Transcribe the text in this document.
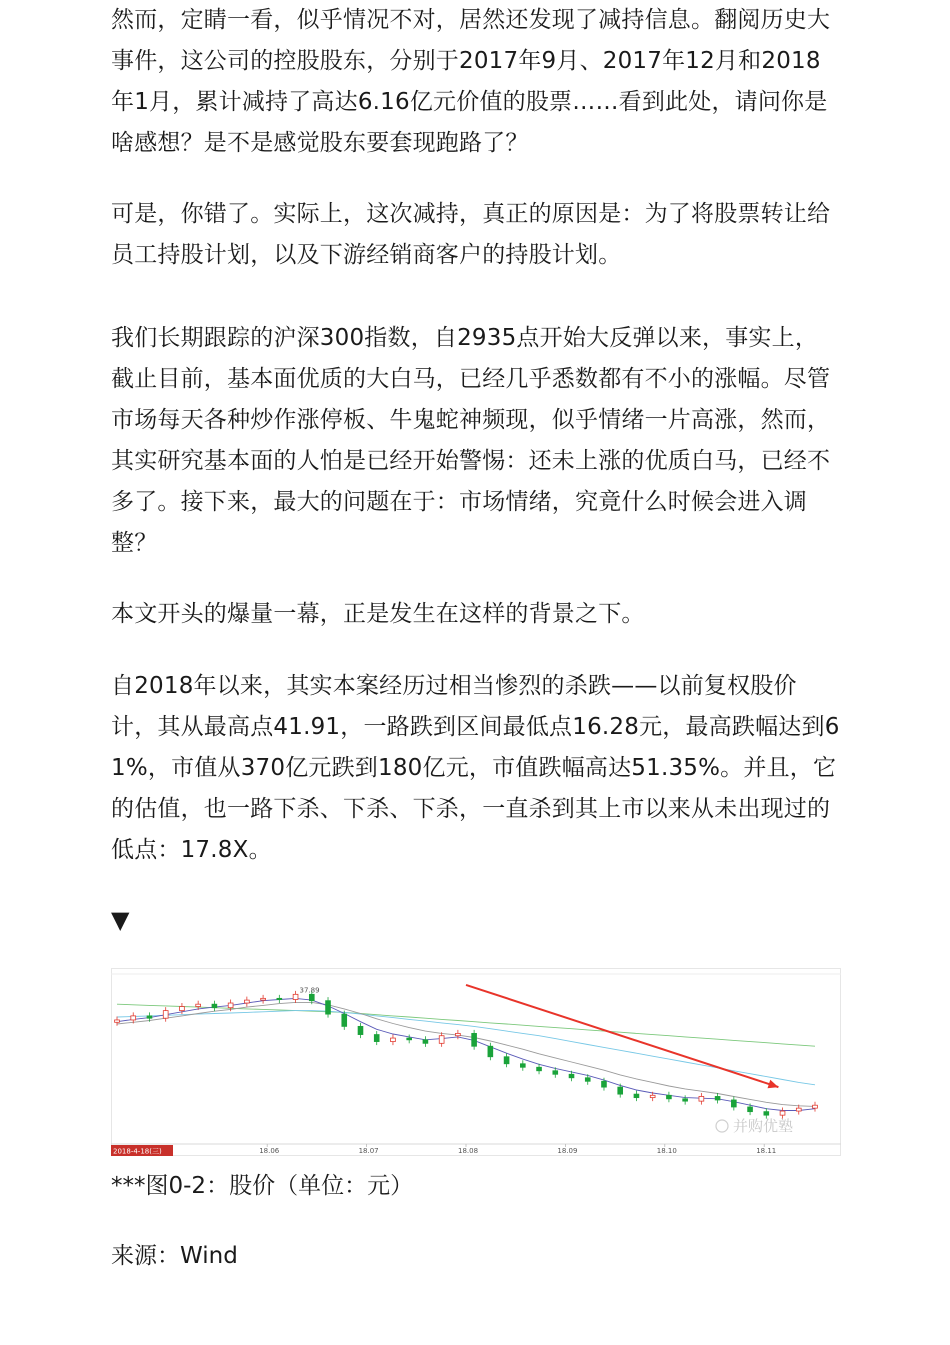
然而，定睛一看，似乎情况不对，居然还发现了减持信息。翻阅历史大事件，这公司的控股股东，分别于2017年9月、2017年12月和2018年1月，累计减持了高达6.16亿元价值的股票……看到此处，请问你是啥感想？是不是感觉股东要套现跑路了？

可是，你错了。实际上，这次减持，真正的原因是：为了将股票转让给员工持股计划，以及下游经销商客户的持股计划。

我们长期跟踪的沪深300指数，自2935点开始大反弹以来，事实上，截止目前，基本面优质的大白马，已经几乎悉数都有不小的涨幅。尽管市场每天各种炒作涨停板、牛鬼蛇神频现，似乎情绪一片高涨，然而，其实研究基本面的人怕是已经开始警惕：还未上涨的优质白马，已经不多了。接下来，最大的问题在于：市场情绪，究竟什么时候会进入调整？

本文开头的爆量一幕，正是发生在这样的背景之下。

自2018年以来，其实本案经历过相当惨烈的杀跌——以前复权股价计，其从最高点41.91，一路跌到区间最低点16.28元，最高跌幅达到61%，市值从370亿元跌到180亿元，市值跌幅高达51.35%。并且，它的估值，也一路下杀、下杀、下杀，一直杀到其上市以来从未出现过的低点：17.8X。

▼
37.89
18.06	18.07	18.08	18.09	18.10	18.11
2018-4-18(三)
并购优塾
***图0-2：股价（单位：元）
来源：Wind
